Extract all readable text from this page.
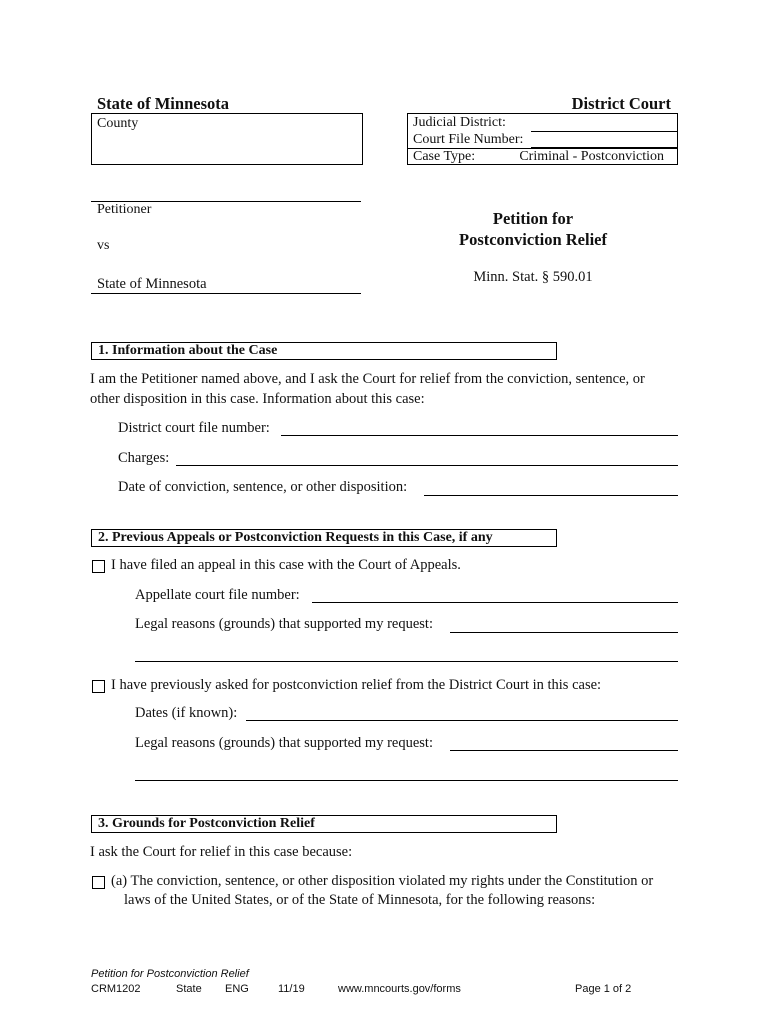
State of Minnesota	District Court
County	Judicial District:
Court File Number:
Case Type:	Criminal - Postconviction
Petitioner
vs
State of Minnesota
Petition for
Postconviction Relief
Minn. Stat. § 590.01
1. Information about the Case
I am the Petitioner named above, and I ask the Court for relief from the conviction, sentence, or
other disposition in this case. Information about this case:
District court file number:
Charges:
Date of conviction, sentence, or other disposition:
2. Previous Appeals or Postconviction Requests in this Case, if any
I have filed an appeal in this case with the Court of Appeals.
Appellate court file number:
Legal reasons (grounds) that supported my request:
I have previously asked for postconviction relief from the District Court in this case:
Dates (if known):
Legal reasons (grounds) that supported my request:
3. Grounds for Postconviction Relief
I ask the Court for relief in this case because:
(a) The conviction, sentence, or other disposition violated my rights under the Constitution or
laws of the United States, or of the State of Minnesota, for the following reasons:
Petition for Postconviction Relief
CRM1202	State ENG	11/19	www.mncourts.gov/forms	Page 1 of 2
